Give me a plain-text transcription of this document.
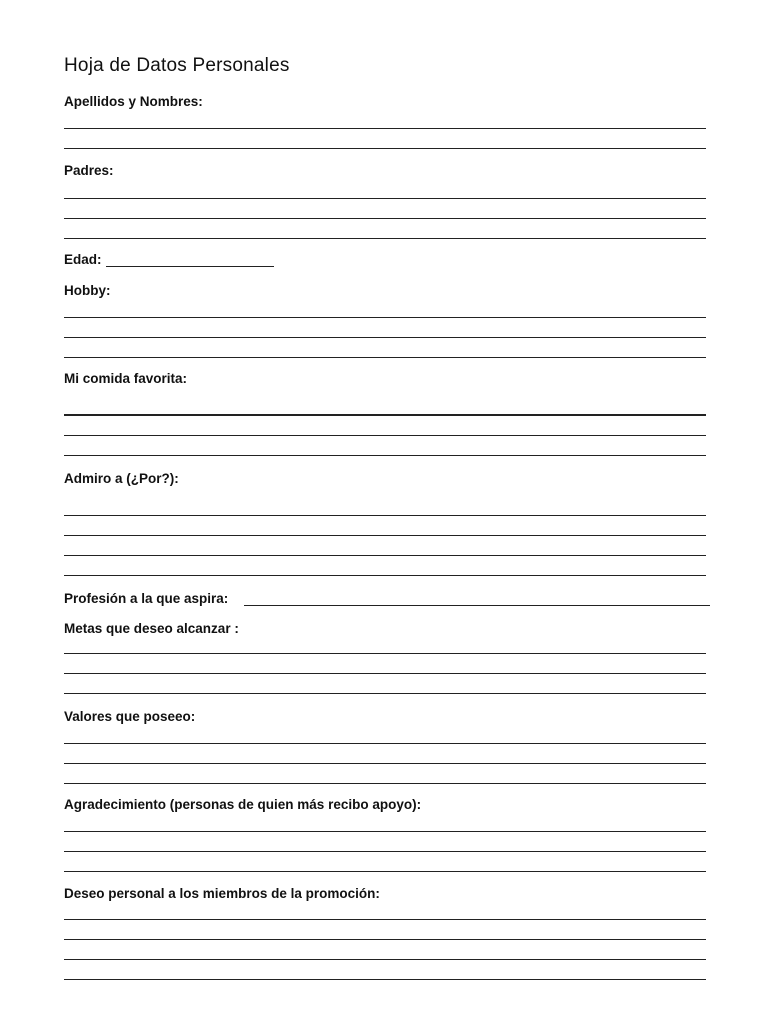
Hoja de Datos Personales
Apellidos y Nombres:
Padres:
Edad:
Hobby:
Mi comida favorita:
Admiro a (¿Por?):
Profesión a la que aspira:
Metas que deseo alcanzar :
Valores que poseeo:
Agradecimiento (personas de quien más recibo apoyo):
Deseo personal a los miembros de la promoción:
